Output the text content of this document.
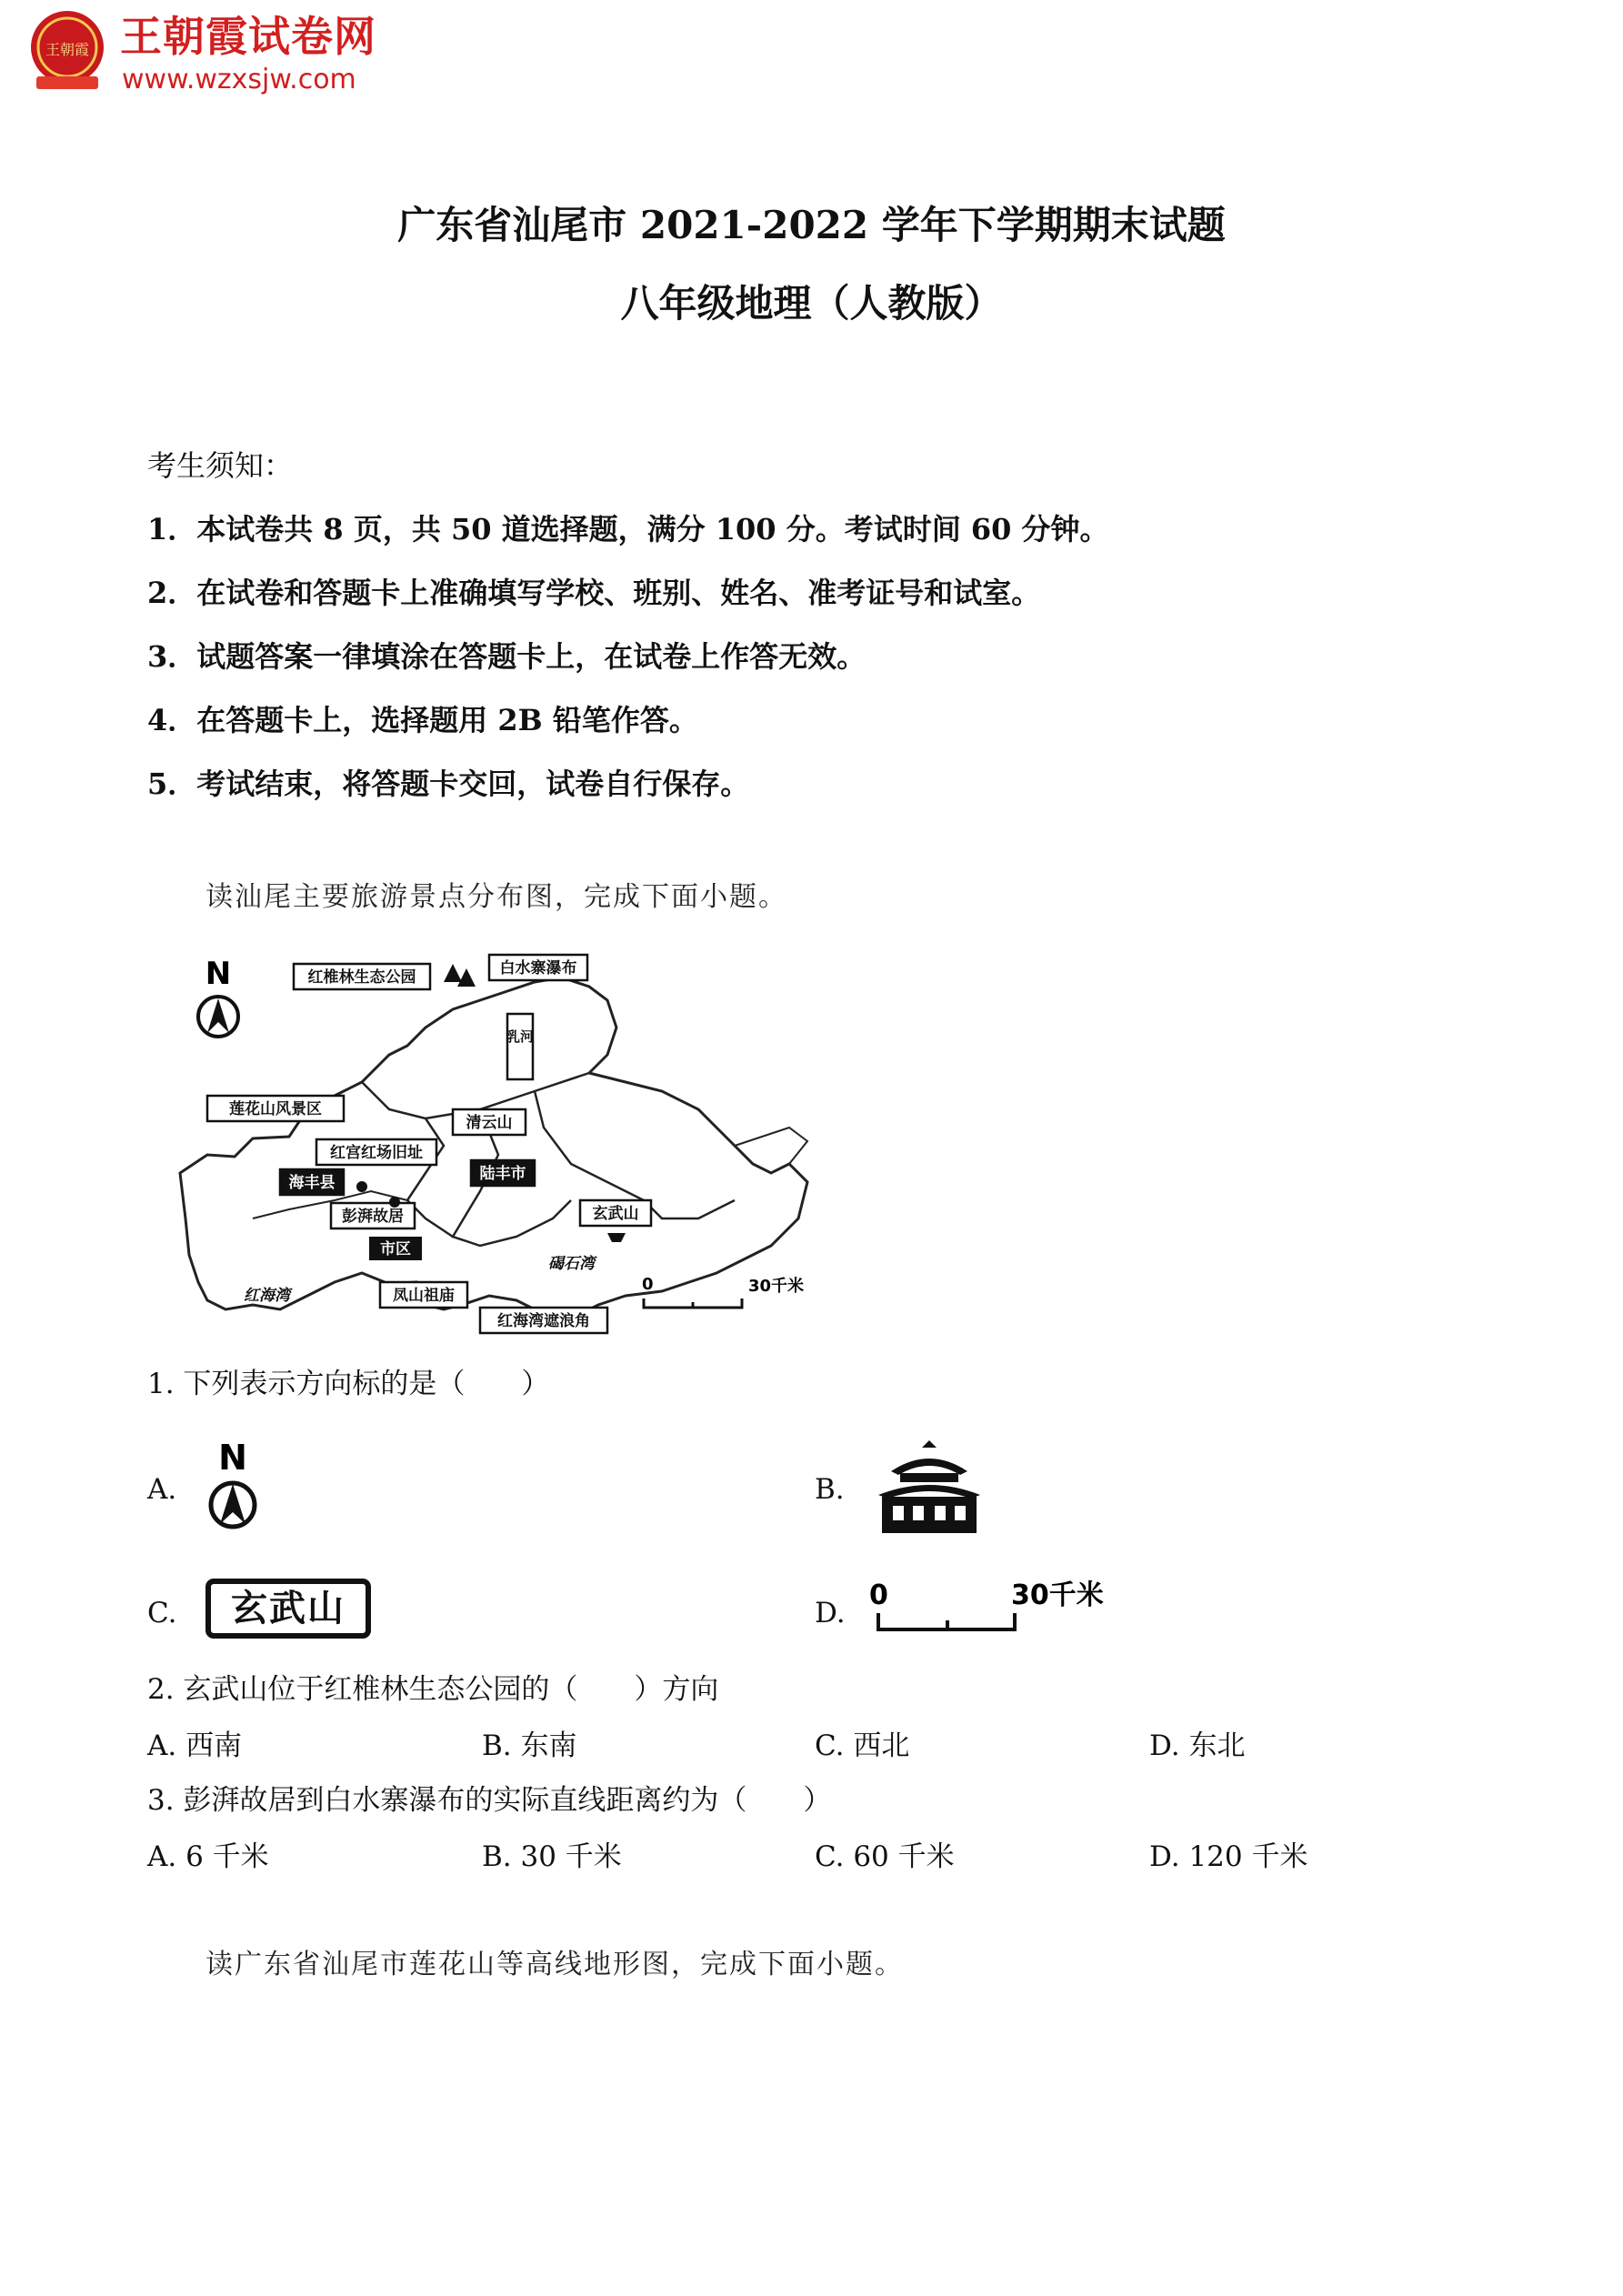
王朝霞 王朝霞试卷网
www.wzxsjw.com
广东省汕尾市 2021-2022 学年下学期期末试题
八年级地理（人教版）
考生须知：
1．本试卷共 8 页，共 50 道选择题，满分 100 分。考试时间 60 分钟。
2．在试卷和答题卡上准确填写学校、班别、姓名、准考证号和试室。
3．试题答案一律填涂在答题卡上，在试卷上作答无效。
4．在答题卡上，选择题用 2B 铅笔作答。
5．考试结束，将答题卡交回，试卷自行保存。
读汕尾主要旅游景点分布图，完成下面小题。
N	红椎林生态公园	白水寨瀑布
乳河
莲花山风景区
红宫红场旧址
清云山
海丰县	陆丰市
彭湃故居	玄武山
市区
碣石湾
红海湾	凤山祖庙
红海湾遮浪角
0	30千米
1. 下列表示方向标的是（　　）
A.
N
B.
C.	玄武山	D.
0	30千米
2. 玄武山位于红椎林生态公园的（　　）方向
A. 西南	B. 东南	C. 西北	D. 东北
3. 彭湃故居到白水寨瀑布的实际直线距离约为（　　）
A. 6 千米	B. 30 千米	C. 60 千米	D. 120 千米
读广东省汕尾市莲花山等高线地形图，完成下面小题。
